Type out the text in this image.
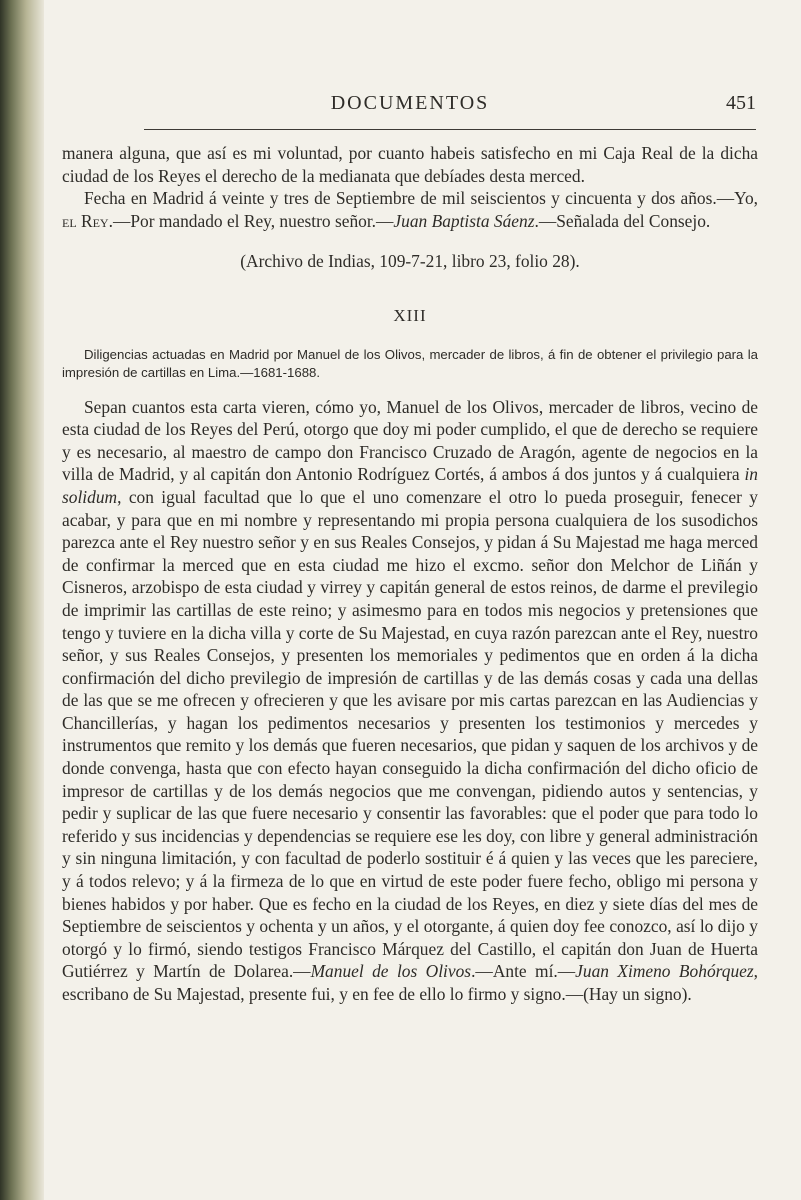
DOCUMENTOS	451

manera alguna, que así es mi voluntad, por cuanto habeis satisfecho en mi Caja Real de la dicha ciudad de los Reyes el derecho de la medianata que debíades desta merced.

Fecha en Madrid á veinte y tres de Septiembre de mil seiscientos y cincuenta y dos años.—Yo, el Rey.—Por mandado el Rey, nuestro señor.—Juan Baptista Sáenz.—Señalada del Consejo.

(Archivo de Indias, 109-7-21, libro 23, folio 28).

XIII

Diligencias actuadas en Madrid por Manuel de los Olivos, mercader de libros, á fin de obtener el privilegio para la impresión de cartillas en Lima.—1681-1688.

Sepan cuantos esta carta vieren, cómo yo, Manuel de los Olivos, mercader de libros, vecino de esta ciudad de los Reyes del Perú, otorgo que doy mi poder cumplido, el que de derecho se requiere y es necesario, al maestro de campo don Francisco Cruzado de Aragón, agente de negocios en la villa de Madrid, y al capitán don Antonio Rodríguez Cortés, á ambos á dos juntos y á cualquiera in solidum, con igual facultad que lo que el uno comenzare el otro lo pueda proseguir, fenecer y acabar, y para que en mi nombre y representando mi propia persona cualquiera de los susodichos parezca ante el Rey nuestro señor y en sus Reales Consejos, y pidan á Su Majestad me haga merced de confirmar la merced que en esta ciudad me hizo el excmo. señor don Melchor de Liñán y Cisneros, arzobispo de esta ciudad y virrey y capitán general de estos reinos, de darme el previlegio de imprimir las cartillas de este reino; y asimesmo para en todos mis negocios y pretensiones que tengo y tuviere en la dicha villa y corte de Su Majestad, en cuya razón parezcan ante el Rey, nuestro señor, y sus Reales Consejos, y presenten los memoriales y pedimentos que en orden á la dicha confirmación del dicho previlegio de impresión de cartillas y de las demás cosas y cada una dellas de las que se me ofrecen y ofrecieren y que les avisare por mis cartas parezcan en las Audiencias y Chancillerías, y hagan los pedimentos necesarios y presenten los testimonios y mercedes y instrumentos que remito y los demás que fueren necesarios, que pidan y saquen de los archivos y de donde convenga, hasta que con efecto hayan conseguido la dicha confirmación del dicho oficio de impresor de cartillas y de los demás negocios que me convengan, pidiendo autos y sentencias, y pedir y suplicar de las que fuere necesario y consentir las favorables: que el poder que para todo lo referido y sus incidencias y dependencias se requiere ese les doy, con libre y general administración y sin ninguna limitación, y con facultad de poderlo sostituir é á quien y las veces que les pareciere, y á todos relevo; y á la firmeza de lo que en virtud de este poder fuere fecho, obligo mi persona y bienes habidos y por haber. Que es fecho en la ciudad de los Reyes, en diez y siete días del mes de Septiembre de seiscientos y ochenta y un años, y el otorgante, á quien doy fee conozco, así lo dijo y otorgó y lo firmó, siendo testigos Francisco Márquez del Castillo, el capitán don Juan de Huerta Gutiérrez y Martín de Dolarea.—Manuel de los Olivos.—Ante mí.—Juan Ximeno Bohórquez, escribano de Su Majestad, presente fui, y en fee de ello lo firmo y signo.—(Hay un signo).
